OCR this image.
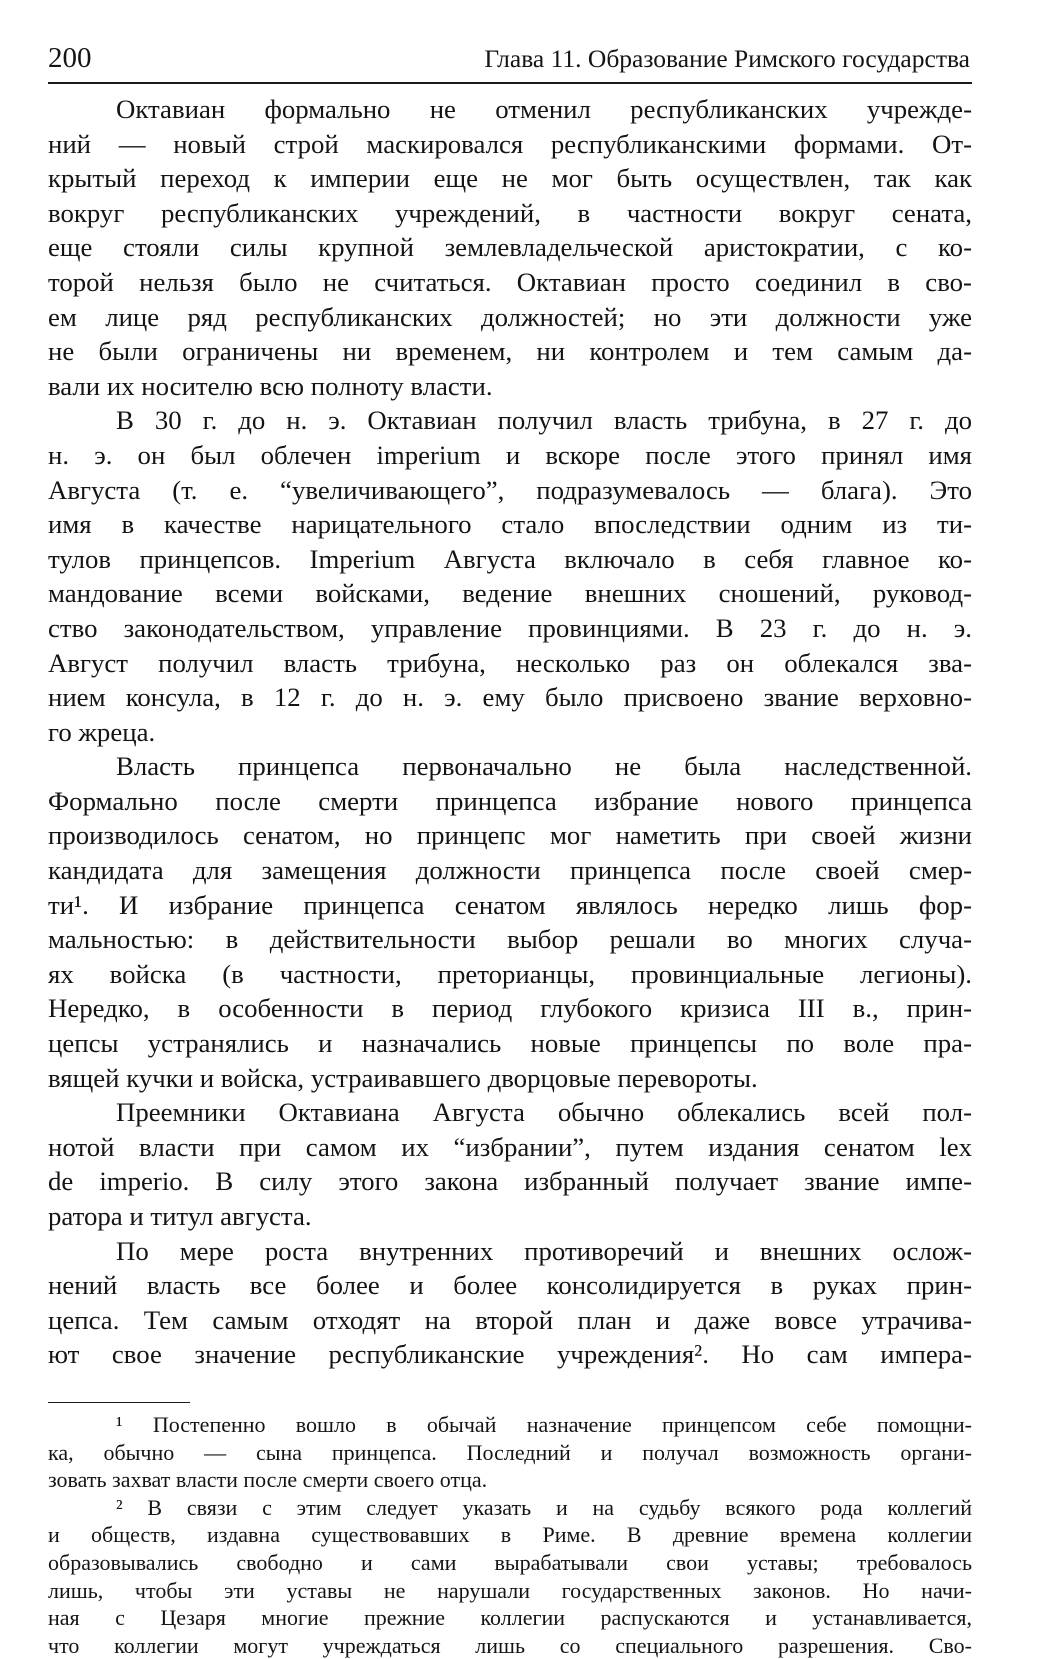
200	Глава 11. Образование Римского государства
Октавиан формально не отменил республиканских учрежде-
ний — новый строй маскировался республиканскими формами. От-
крытый переход к империи еще не мог быть осуществлен, так как
вокруг республиканских учреждений, в частности вокруг сената,
еще стояли силы крупной землевладельческой аристократии, с ко-
торой нельзя было не считаться. Октавиан просто соединил в сво-
ем лице ряд республиканских должностей; но эти должности уже
не были ограничены ни временем, ни контролем и тем самым да-
вали их носителю всю полноту власти.
В 30 г. до н. э. Октавиан получил власть трибуна, в 27 г. до
н. э. он был облечен imperium и вскоре после этого принял имя
Августа (т. е. “увеличивающего”, подразумевалось — блага). Это
имя в качестве нарицательного стало впоследствии одним из ти-
тулов принцепсов. Imperium Августа включало в себя главное ко-
мандование всеми войсками, ведение внешних сношений, руковод-
ство законодательством, управление провинциями. В 23 г. до н. э.
Август получил власть трибуна, несколько раз он облекался зва-
нием консула, в 12 г. до н. э. ему было присвоено звание верховно-
го жреца.
Власть принцепса первоначально не была наследственной.
Формально после смерти принцепса избрание нового принцепса
производилось сенатом, но принцепс мог наметить при своей жизни
кандидата для замещения должности принцепса после своей смер-
ти¹. И избрание принцепса сенатом являлось нередко лишь фор-
мальностью: в действительности выбор решали во многих случа-
ях войска (в частности, преторианцы, провинциальные легионы).
Нередко, в особенности в период глубокого кризиса III в., прин-
цепсы устранялись и назначались новые принцепсы по воле пра-
вящей кучки и войска, устраивавшего дворцовые перевороты.
Преемники Октавиана Августа обычно облекались всей пол-
нотой власти при самом их “избрании”, путем издания сенатом lex
de imperio. В силу этого закона избранный получает звание импе-
ратора и титул августа.
По мере роста внутренних противоречий и внешних ослож-
нений власть все более и более консолидируется в руках прин-
цепса. Тем самым отходят на второй план и даже вовсе утрачива-
ют свое значение республиканские учреждения². Но сам импера-
¹ Постепенно вошло в обычай назначение принцепсом себе помощни-
ка, обычно — сына принцепса. Последний и получал возможность органи-
зовать захват власти после смерти своего отца.
² В связи с этим следует указать и на судьбу всякого рода коллегий
и обществ, издавна существовавших в Риме. В древние времена коллегии
образовывались свободно и сами вырабатывали свои уставы; требовалось
лишь, чтобы эти уставы не нарушали государственных законов. Но начи-
ная с Цезаря многие прежние коллегии распускаются и устанавливается,
что коллегии могут учреждаться лишь со специального разрешения. Сво-
